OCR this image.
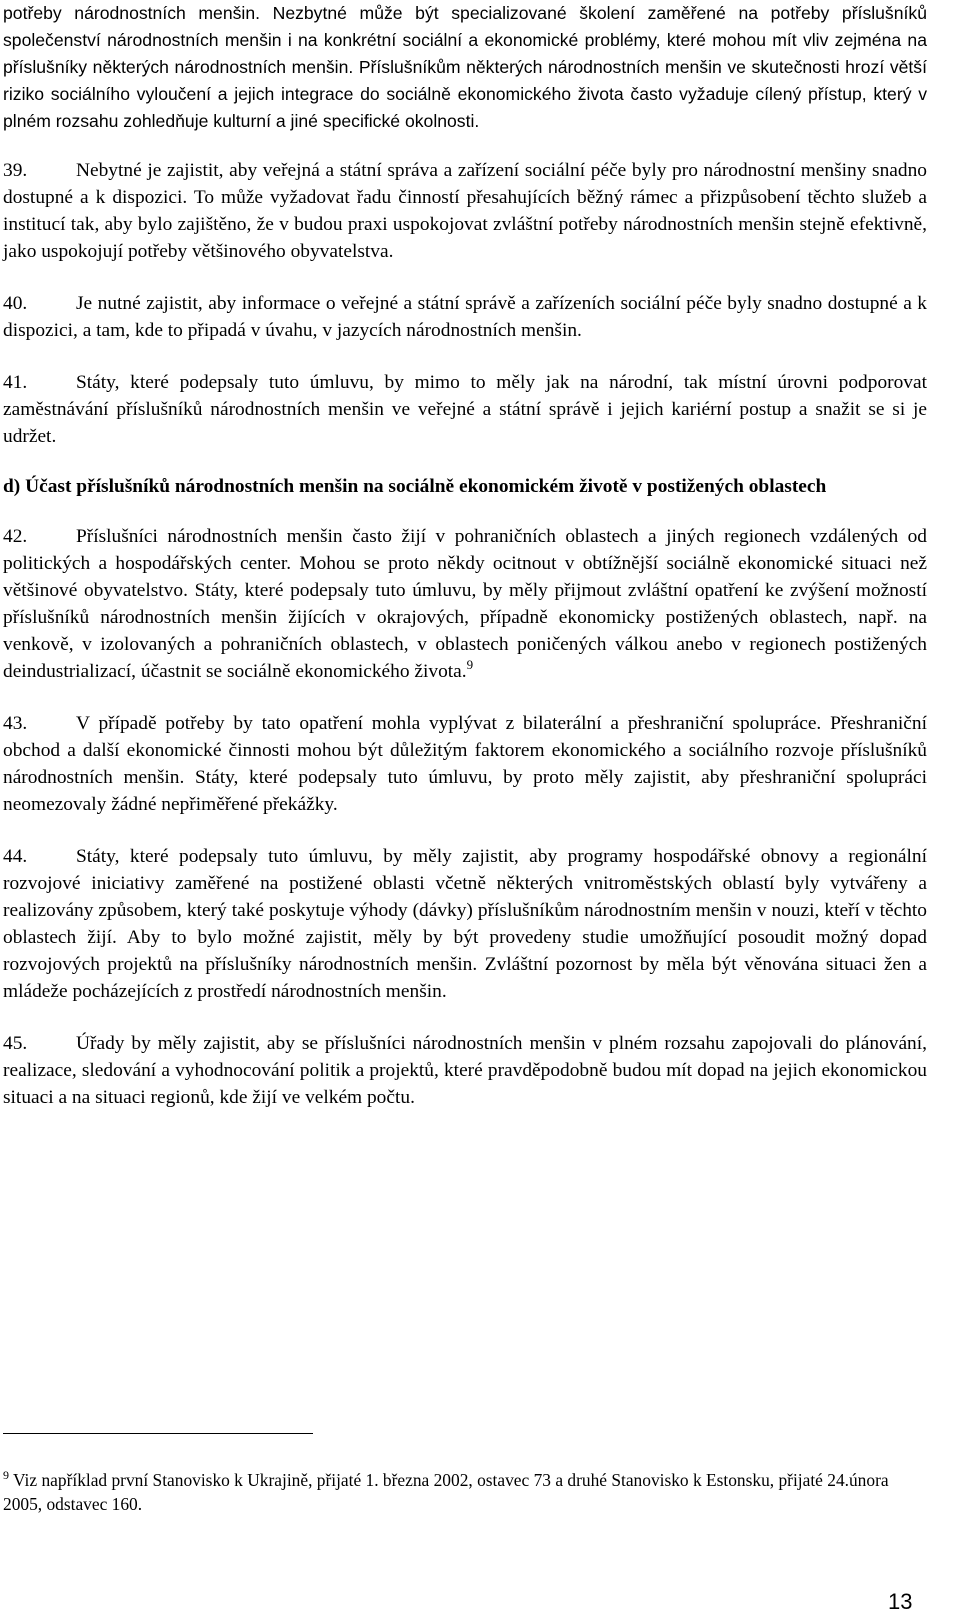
potřeby národnostních menšin. Nezbytné může být specializované školení zaměřené na potřeby příslušníků společenství národnostních menšin i na konkrétní sociální a ekonomické problémy, které mohou mít vliv zejména na příslušníky některých národnostních menšin. Příslušníkům některých národnostních menšin ve skutečnosti hrozí větší riziko sociálního vyloučení a jejich integrace do sociálně ekonomického života často vyžaduje cílený přístup, který v plném rozsahu zohledňuje kulturní a jiné specifické okolnosti.

39.	Nebytné je zajistit, aby veřejná a státní správa a zařízení sociální péče byly pro národnostní menšiny snadno dostupné a k dispozici. To může vyžadovat řadu činností přesahujících běžný rámec a přizpůsobení těchto služeb a institucí tak, aby bylo zajištěno, že v budou praxi uspokojovat zvláštní potřeby národnostních menšin stejně efektivně, jako uspokojují potřeby většinového obyvatelstva.

40.	Je nutné zajistit, aby informace o veřejné a státní správě a zařízeních sociální péče byly snadno dostupné a k dispozici, a tam, kde to připadá v úvahu, v jazycích národnostních menšin.

41.	Státy, které podepsaly tuto úmluvu, by mimo to měly jak na národní, tak místní úrovni podporovat zaměstnávání příslušníků národnostních menšin ve veřejné a státní správě i jejich kariérní postup a snažit se si je udržet.

d) Účast příslušníků národnostních menšin na sociálně ekonomickém životě v postižených oblastech

42.	Příslušníci národnostních menšin často žijí v pohraničních oblastech a jiných regionech vzdálených od politických a hospodářských center. Mohou se proto někdy ocitnout v obtížnější sociálně ekonomické situaci než většinové obyvatelstvo. Státy, které podepsaly tuto úmluvu, by měly přijmout zvláštní opatření ke zvýšení možností příslušníků národnostních menšin žijících v okrajových, případně ekonomicky postižených oblastech, např. na venkově, v izolovaných a pohraničních oblastech, v oblastech poničených válkou anebo v regionech postižených deindustrializací, účastnit se sociálně ekonomického života.$^9$

43.	V případě potřeby by tato opatření mohla vyplývat z bilaterální a přeshraniční spolupráce. Přeshraniční obchod a další ekonomické činnosti mohou být důležitým faktorem ekonomického a sociálního rozvoje příslušníků národnostních menšin. Státy, které podepsaly tuto úmluvu, by proto měly zajistit, aby přeshraniční spolupráci neomezovaly žádné nepřiměřené překážky.

44.	Státy, které podepsaly tuto úmluvu, by měly zajistit, aby programy hospodářské obnovy a regionální rozvojové iniciativy zaměřené na postižené oblasti včetně některých vnitroměstských oblastí byly vytvářeny a realizovány způsobem, který také poskytuje výhody (dávky) příslušníkům národnostním menšin v nouzi, kteří v těchto oblastech žijí. Aby to bylo možné zajistit, měly by být provedeny studie umožňující posoudit možný dopad rozvojových projektů na příslušníky národnostních menšin. Zvláštní pozornost by měla být věnována situaci žen a mládeže pocházejících z prostředí národnostních menšin.

45.	Úřady by měly zajistit, aby se příslušníci národnostních menšin v plném rozsahu zapojovali do plánování, realizace, sledování a vyhodnocování politik a projektů, které pravděpodobně budou mít dopad na jejich ekonomickou situaci a na situaci regionů, kde žijí ve velkém počtu.

$^9$ Viz například první Stanovisko k Ukrajině, přijaté 1. března 2002, ostavec 73 a druhé Stanovisko k Estonsku, přijaté 24.února 2005, odstavec 160.
13
